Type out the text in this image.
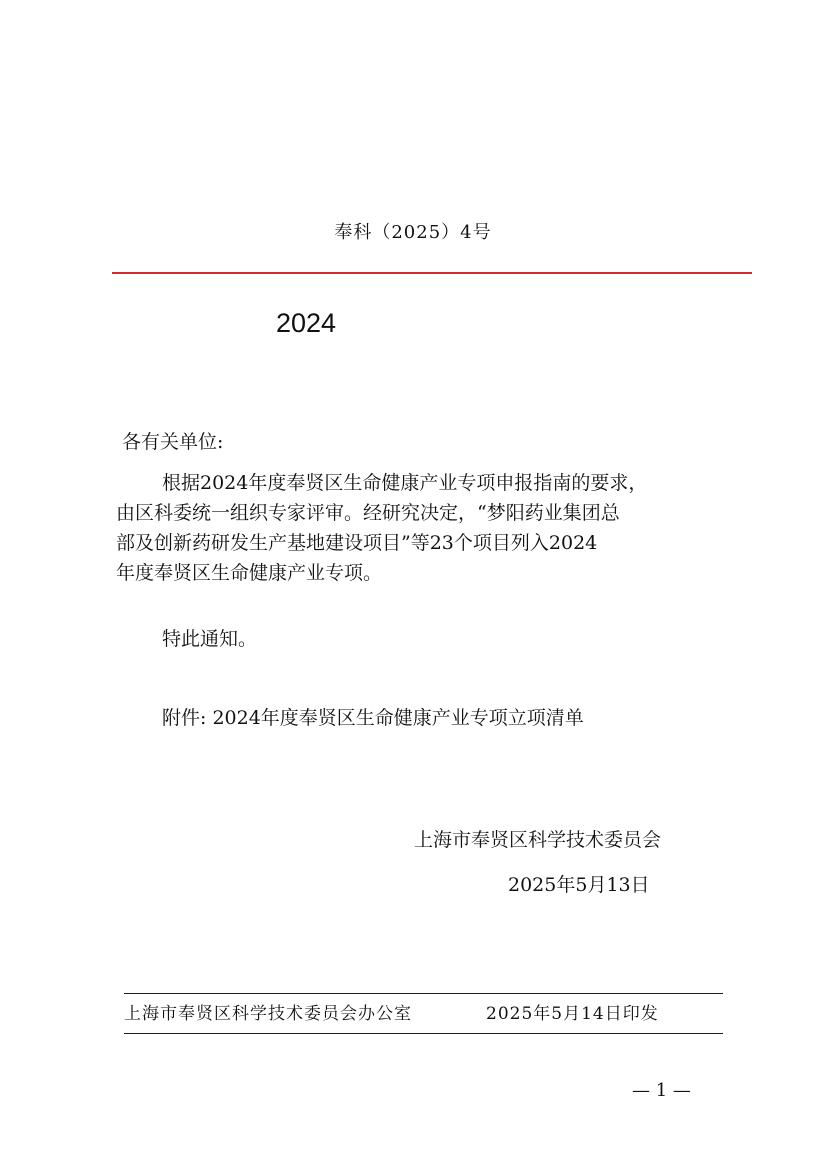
奉科（2025）4号
2024
各有关单位:
根据2024年度奉贤区生命健康产业专项申报指南的要求，
由区科委统一组织专家评审。经研究决定，“梦阳药业集团总
部及创新药研发生产基地建设项目”等23个项目列入2024
年度奉贤区生命健康产业专项。
特此通知。
附件: 2024年度奉贤区生命健康产业专项立项清单
上海市奉贤区科学技术委员会
2025年5月13日
上海市奉贤区科学技术委员会办公室	2025年5月14日印发
— 1 —
